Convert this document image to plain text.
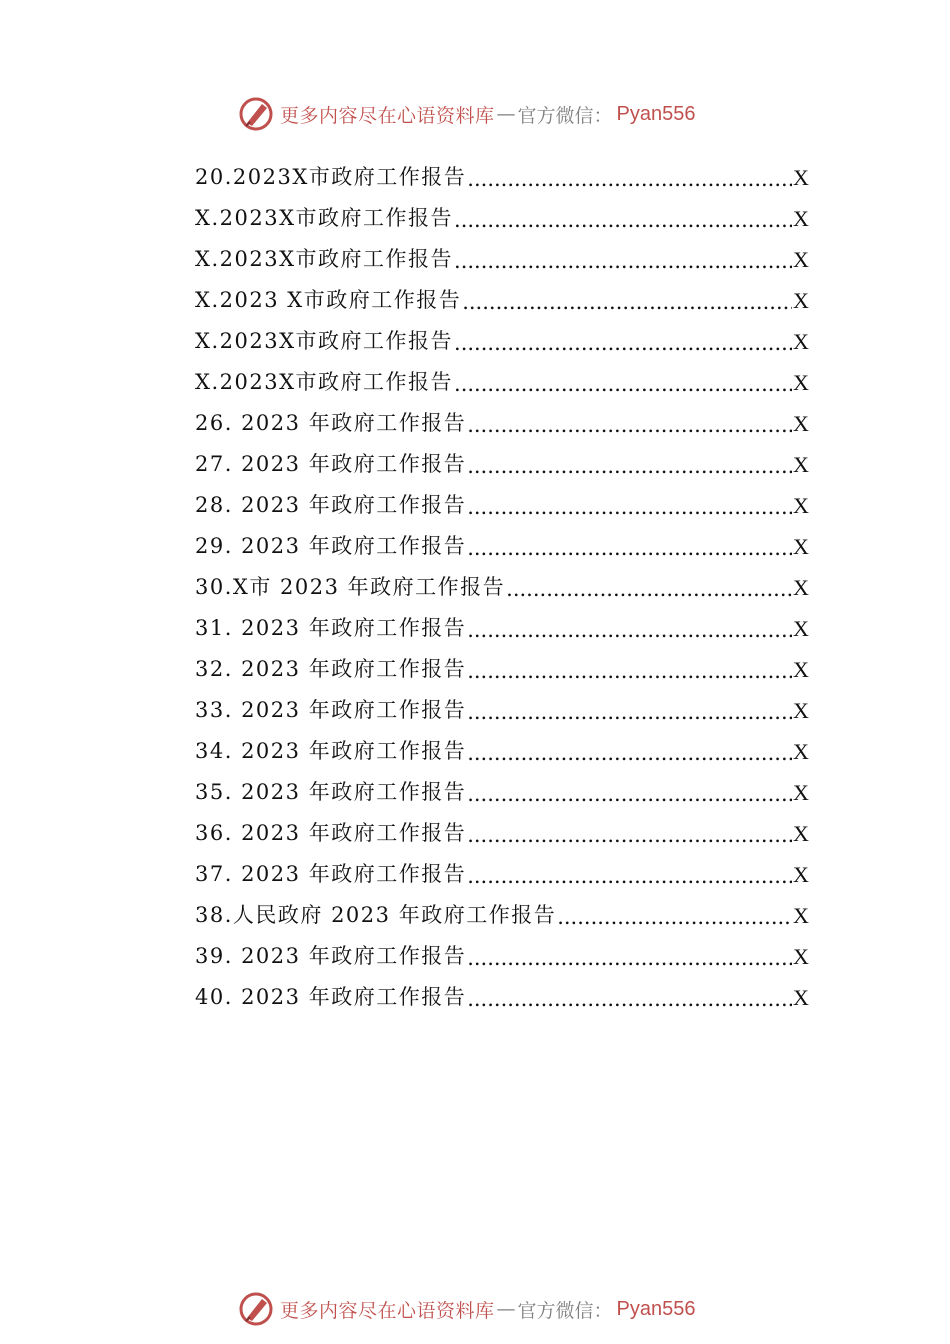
更多内容尽在心语资料库 — 官方微信： Pyan556
20.2023X市政府工作报告 .....	X
X.2023X市政府工作报告 .....	X
X.2023X市政府工作报告 .....	X
X.2023 X市政府工作报告 .....	X
X.2023X市政府工作报告 .....	X
X.2023X市政府工作报告 .....	X
26. 2023 年政府工作报告 .....	X
27. 2023 年政府工作报告 .....	X
28. 2023 年政府工作报告 .....	X
29. 2023 年政府工作报告 .....	X
30.X市 2023 年政府工作报告 .....	X
31. 2023 年政府工作报告 .....	X
32. 2023 年政府工作报告 .....	X
33. 2023 年政府工作报告 .....	X
34. 2023 年政府工作报告 .....	X
35. 2023 年政府工作报告 .....	X
36. 2023 年政府工作报告 .....	X
37. 2023 年政府工作报告 .....	X
38.人民政府 2023 年政府工作报告 .....	X
39. 2023 年政府工作报告 .....	X
40. 2023 年政府工作报告 .....	X
更多内容尽在心语资料库 — 官方微信： Pyan556
